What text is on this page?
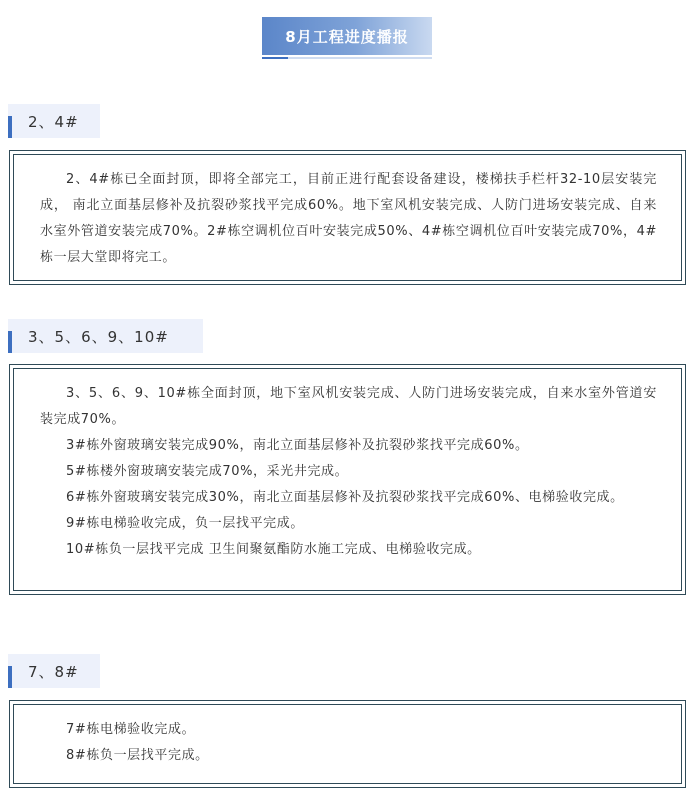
8月工程进度播报
2、4#

2、4#栋已全面封顶，即将全部完工，目前正进行配套设备建设，楼梯扶手栏杆32-10层安装完成， 南北立面基层修补及抗裂砂浆找平完成60%。地下室风机安装完成、人防门进场安装完成、自来水室外管道安装完成70%。2#栋空调机位百叶安装完成50%、4#栋空调机位百叶安装完成70%，4#栋一层大堂即将完工。

3、5、6、9、10#

3、5、6、9、10#栋全面封顶，地下室风机安装完成、人防门进场安装完成，自来水室外管道安装完成70%。

3#栋外窗玻璃安装完成90%，南北立面基层修补及抗裂砂浆找平完成60%。

5#栋楼外窗玻璃安装完成70%，采光井完成。

6#栋外窗玻璃安装完成30%，南北立面基层修补及抗裂砂浆找平完成60%、电梯验收完成。

9#栋电梯验收完成，负一层找平完成。

10#栋负一层找平完成 卫生间聚氨酯防水施工完成、电梯验收完成。

7、8#

7#栋电梯验收完成。

8#栋负一层找平完成。
